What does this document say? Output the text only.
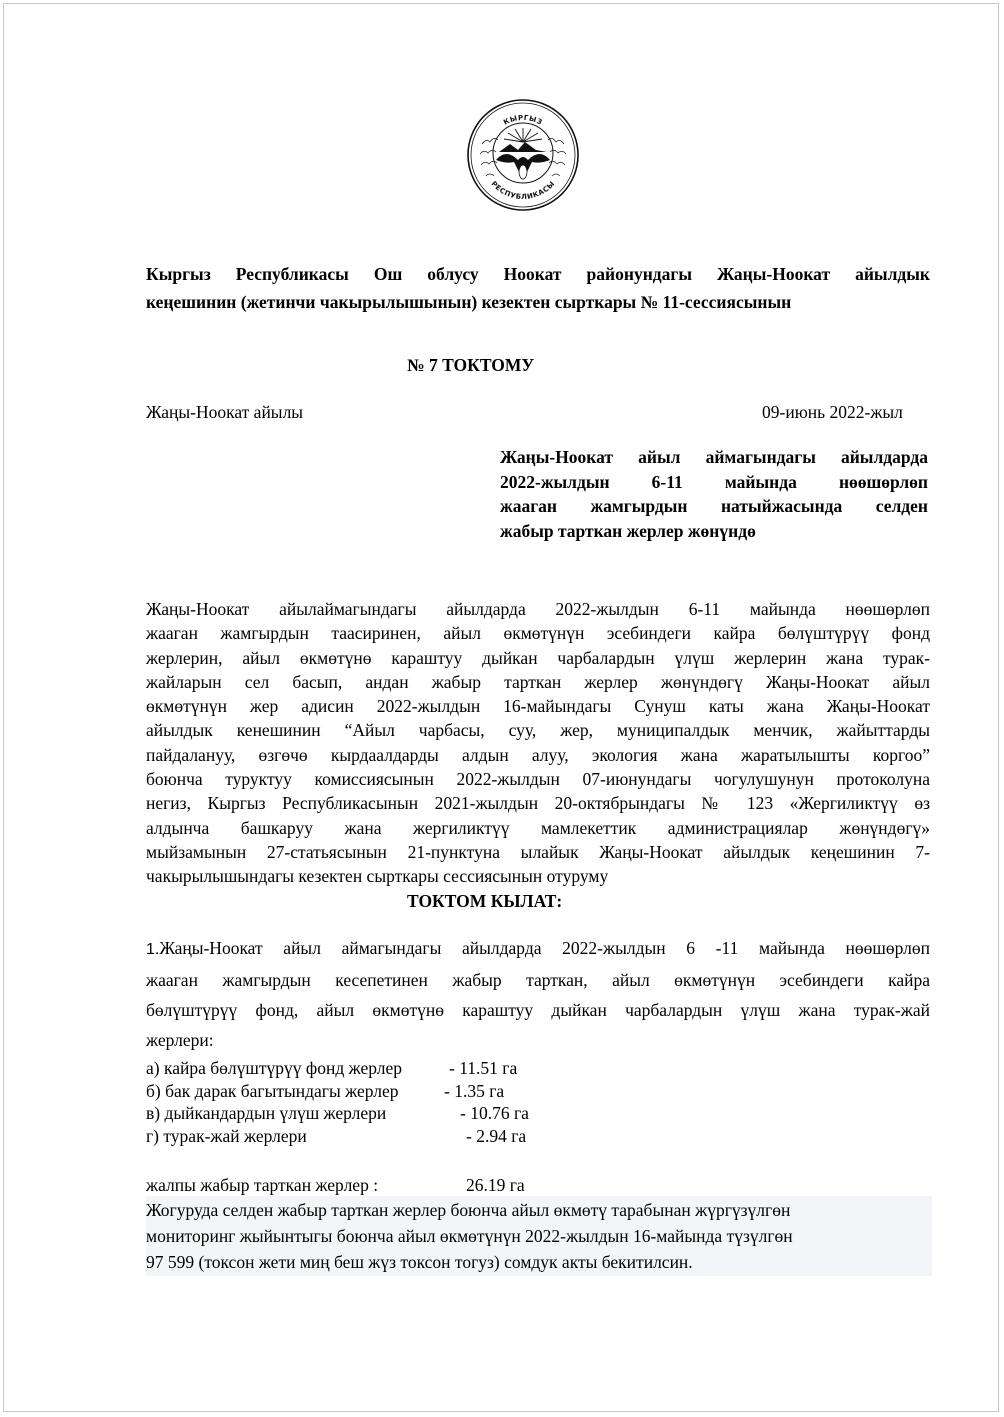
КЫРГЫЗ
РЕСПУБЛИКАСЫ
Кыргыз Республикасы Ош облусу Ноокат районундагы Жаңы-Ноокат айылдык
кеңешинин (жетинчи чакырылышынын) кезектен сырткары № 11-сессиясынын
№ 7 ТОКТОМУ
Жаңы-Ноокат айылы	09-июнь 2022-жыл
Жаңы-Ноокат айыл аймагындагы айылдарда
2022-жылдын 6-11 майында нөөшөрлөп
жааган жамгырдын натыйжасында селден
жабыр тарткан жерлер жөнүндө
Жаңы-Ноокат айылаймагындагы айылдарда 2022-жылдын 6-11 майында нөөшөрлөп
жааган жамгырдын таасиринен, айыл өкмөтүнүн эсебиндеги кайра бөлүштүрүү фонд
жерлерин, айыл өкмөтүнө караштуу дыйкан чарбалардын үлүш жерлерин жана турак-
жайларын сел басып, андан жабыр тарткан жерлер жөнүндөгү Жаңы-Ноокат айыл
өкмөтүнүн жер адисин 2022-жылдын 16-майындагы Сунуш каты жана Жаңы-Ноокат
айылдык кенешинин “Айыл чарбасы, суу, жер, муниципалдык менчик, жайыттарды
пайдалануу, өзгөчө кырдаалдарды алдын алуу, экология жана жаратылышты коргоо”
боюнча туруктуу комиссиясынын 2022-жылдын 07-июнундагы чогулушунун протоколуна
негиз, Кыргыз Республикасынын 2021-жылдын 20-октябрындагы № 123 «Жергиликтүү өз
алдынча башкаруу жана жергиликтүү мамлекеттик администрациялар жөнүндөгү»
мыйзамынын 27-статьясынын 21-пунктуна ылайык Жаңы-Ноокат айылдык кеңешинин 7-
чакырылышындагы кезектен сырткары сессиясынын отуруму
ТОКТОМ КЫЛАТ:
1.Жаңы-Ноокат айыл аймагындагы айылдарда 2022-жылдын 6 -11 майында нөөшөрлөп
жааган жамгырдын кесепетинен жабыр тарткан, айыл өкмөтүнүн эсебиндеги кайра
бөлүштүрүү фонд, айыл өкмөтүнө караштуу дыйкан чарбалардын үлүш жана турак-жай
жерлери:
а) кайра бөлүштүрүү фонд жерлер	- 11.51 га
б) бак дарак багытындагы жерлер	- 1.35 га
в) дыйкандардын үлүш жерлери	- 10.76 га
г) турак-жай жерлери	- 2.94 га
жалпы жабыр тарткан жерлер :	26.19 га
Жогуруда селден жабыр тарткан жерлер боюнча айыл өкмөтү тарабынан жүргүзүлгөн
мониторинг жыйынтыгы боюнча айыл өкмөтүнүн 2022-жылдын 16-майында түзүлгөн
97 599 (токсон жети миң беш жүз токсон тогуз) сомдук акты бекитилсин.
